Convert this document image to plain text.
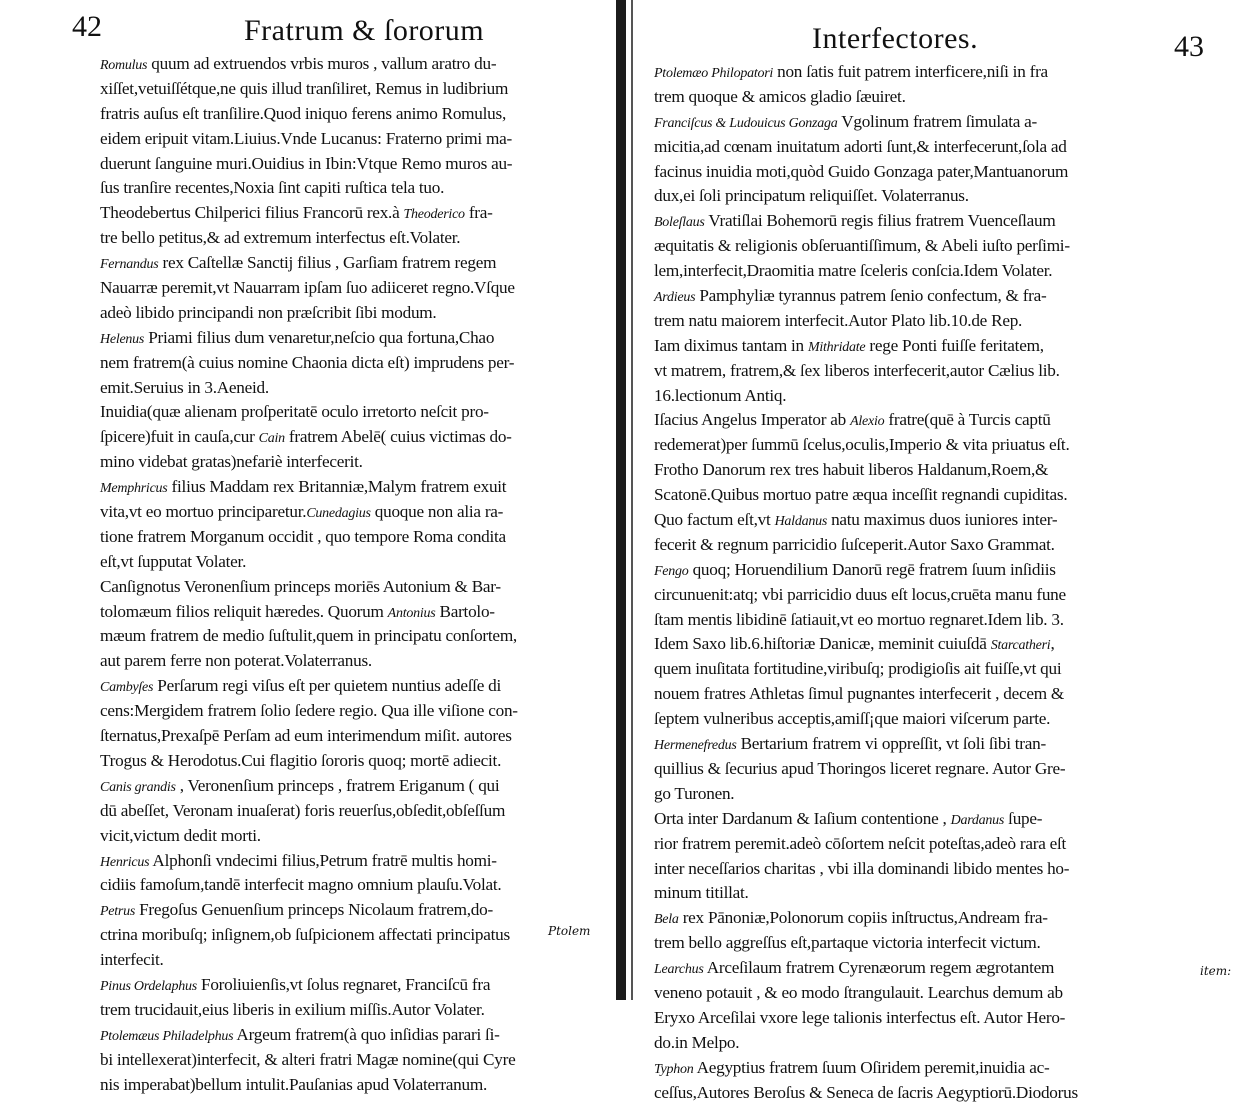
42	Fratrum & ſororum
Romulus quum ad extruendos vrbis muros , vallum aratro du-
xiſſet,vetuiſſétque,ne quis illud tranſiliret, Remus in ludibrium
fratris auſus eſt tranſilire.Quod iniquo ferens animo Romulus,
eidem eripuit vitam.Liuius.Vnde Lucanus: Fraterno primi ma-
duerunt ſanguine muri.Ouidius in Ibin:Vtque Remo muros au-
ſus tranſire recentes,Noxia ſint capiti ruſtica tela tuo.
Theodebertus Chilperici filius Francorū rex.à Theoderico fra-
tre bello petitus,& ad extremum interfectus eſt.Volater.
Fernandus rex Caſtellæ Sanctij filius , Garſiam fratrem regem
Nauarræ peremit,vt Nauarram ipſam ſuo adiiceret regno.Vſque
adeò libido principandi non præſcribit ſibi modum.
Helenus Priami filius dum venaretur,neſcio qua fortuna,Chao
nem fratrem(à cuius nomine Chaonia dicta eſt) imprudens per-
emit.Seruius in 3.Aeneid.
Inuidia(quæ alienam proſperitatē oculo irretorto neſcit pro-
ſpicere)fuit in cauſa,cur Cain fratrem Abelē( cuius victimas do-
mino videbat gratas)nefariè interfecerit.
Memphricus filius Maddam rex Britanniæ,Malym fratrem exuit
vita,vt eo mortuo principaretur.Cunedagius quoque non alia ra-
tione fratrem Morganum occidit , quo tempore Roma condita
eſt,vt ſupputat Volater.
Canſignotus Veronenſium princeps moriēs Autonium & Bar-
tolomæum filios reliquit hæredes. Quorum Antonius Bartolo-
mæum fratrem de medio ſuſtulit,quem in principatu conſortem,
aut parem ferre non poterat.Volaterranus.
Cambyſes Perſarum regi viſus eſt per quietem nuntius adeſſe di
cens:Mergidem fratrem ſolio ſedere regio. Qua ille viſione con-
ſternatus,Prexaſpē Perſam ad eum interimendum miſit. autores
Trogus & Herodotus.Cui flagitio ſororis quoq; mortē adiecit.
Canis grandis , Veronenſium princeps , fratrem Eriganum ( qui
dū abeſſet, Veronam inuaſerat) foris reuerſus,obſedit,obſeſſum
vicit,victum dedit morti.
Henricus Alphonſi vndecimi filius,Petrum fratrē multis homi-
cidiis famoſum,tandē interfecit magno omnium plauſu.Volat.
Petrus Fregoſus Genuenſium princeps Nicolaum fratrem,do-
ctrina moribuſq; inſignem,ob ſuſpicionem affectati principatus
interfecit.
Pinus Ordelaphus Foroliuienſis,vt ſolus regnaret, Franciſcū fra
trem trucidauit,eius liberis in exilium miſſis.Autor Volater.
Ptolemæus Philadelphus Argeum fratrem(à quo inſidias parari ſi-
bi intellexerat)interfecit, & alteri fratri Magæ nomine(qui Cyre
nis imperabat)bellum intulit.Pauſanias apud Volaterranum.
Ptolem
Interfectores.	43
Ptolemæo Philopatori non ſatis fuit patrem interficere,niſi in fra
trem quoque & amicos gladio ſæuiret.
Franciſcus & Ludouicus Gonzaga Vgolinum fratrem ſimulata a-
micitia,ad cœnam inuitatum adorti ſunt,& interfecerunt,ſola ad
facinus inuidia moti,quòd Guido Gonzaga pater,Mantuanorum
dux,ei ſoli principatum reliquiſſet. Volaterranus.
Boleſlaus Vratiſlai Bohemorū regis filius fratrem Vuenceſlaum
æquitatis & religionis obſeruantiſſimum, & Abeli iuſto perſimi-
lem,interfecit,Draomitia matre ſceleris conſcia.Idem Volater.
Ardieus Pamphyliæ tyrannus patrem ſenio confectum, & fra-
trem natu maiorem interfecit.Autor Plato lib.10.de Rep.
Iam diximus tantam in Mithridate rege Ponti fuiſſe feritatem,
vt matrem, fratrem,& ſex liberos interfecerit,autor Cælius lib.
16.lectionum Antiq.
Iſacius Angelus Imperator ab Alexio fratre(quē à Turcis captū
redemerat)per ſummū ſcelus,oculis,Imperio & vita priuatus eſt.
Frotho Danorum rex tres habuit liberos Haldanum,Roem,&
Scatonē.Quibus mortuo patre æqua inceſſit regnandi cupiditas.
Quo factum eſt,vt Haldanus natu maximus duos iuniores inter-
fecerit & regnum parricidio ſuſceperit.Autor Saxo Grammat.
Fengo quoq; Horuendilium Danorū regē fratrem ſuum inſidiis
circunuenit:atq; vbi parricidio duus eſt locus,cruēta manu fune
ſtam mentis libidinē ſatiauit,vt eo mortuo regnaret.Idem lib. 3.
Idem Saxo lib.6.hiſtoriæ Danicæ, meminit cuiuſdā Starcatheri,
quem inuſitata fortitudine,viribuſq; prodigioſis ait fuiſſe,vt qui
nouem fratres Athletas ſimul pugnantes interfecerit , decem &
ſeptem vulneribus acceptis,amiſſ¡que maiori viſcerum parte.
Hermenefredus Bertarium fratrem vi oppreſſit, vt ſoli ſibi tran-
quillius & ſecurius apud Thoringos liceret regnare. Autor Gre-
go Turonen.
Orta inter Dardanum & Iaſium contentione , Dardanus ſupe-
rior fratrem peremit.adeò cōſortem neſcit poteſtas,adeò rara eſt
inter neceſſarios charitas , vbi illa dominandi libido mentes ho-
minum titillat.
Bela rex Pānoniæ,Polonorum copiis inſtructus,Andream fra-
trem bello aggreſſus eſt,partaque victoria interfecit victum.
Learchus Arceſilaum fratrem Cyrenæorum regem ægrotantem
veneno potauit , & eo modo ſtrangulauit. Learchus demum ab
Eryxo Arceſilai vxore lege talionis interfectus eſt. Autor Hero-
do.in Melpo.
Typhon Aegyptius fratrem ſuum Oſiridem peremit,inuidia ac-
ceſſus,Autores Beroſus & Seneca de ſacris Aegyptiorū.Diodorus
item:
